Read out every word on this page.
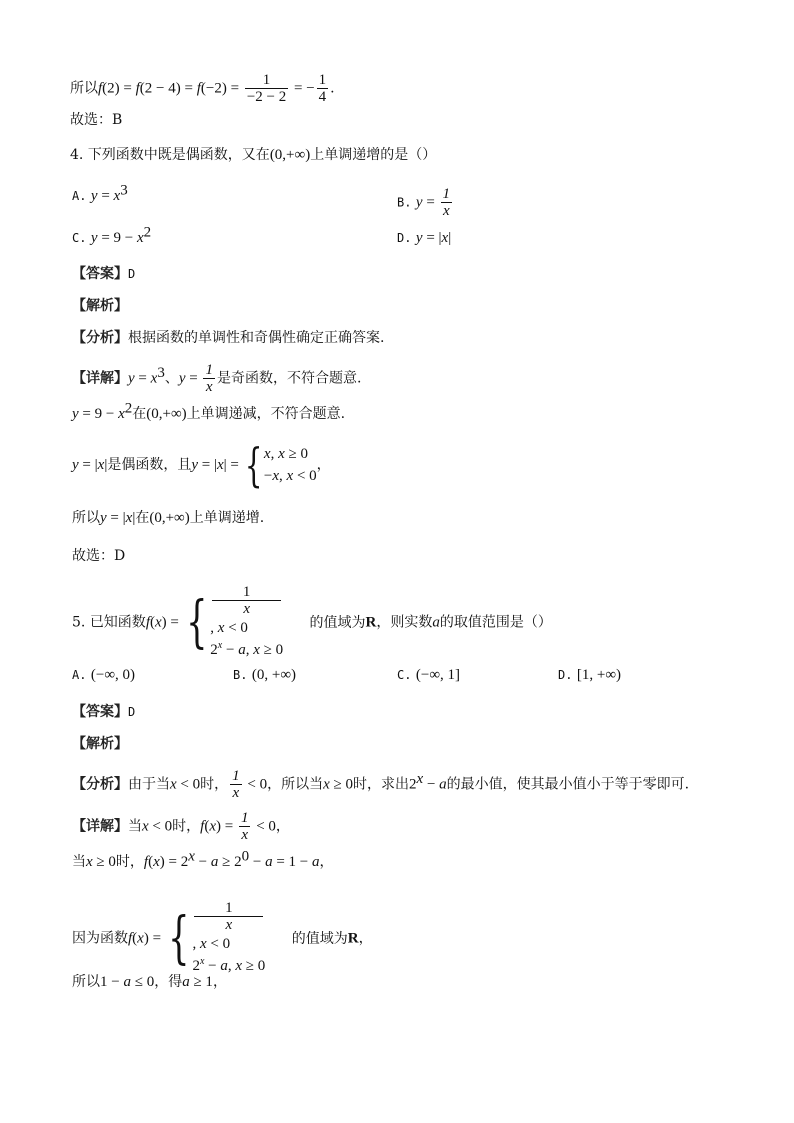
所以$f(2) = f(2 - 4) = f(-2) = \frac{1}{-2 - 2}$ = − $\frac{1}{4}$ .
故选：B
4. 下列函数中既是偶函数，又在(0,+∞)上单调递增的是（）
A. $y = x^3$
B. $y = \frac{1}{x}$
C. $y = 9 - x^2$	D. y = |x|
【答案】D
【解析】
【分析】根据函数的单调性和奇偶性确定正确答案.
【详解】$y = x^3$、$y = \frac{1}{x}$ 是奇函数，不符合题意.
$y = 9 - x^2$在(0,+∞)上单调递减，不符合题意.
y = |x|是偶函数，且y = |x| = { x, x ≥ 0
−x, x < 0
，
所以y = |x|在(0,+∞)上单调递增.
故选：D
5. 已知函数f(x) = {	1
x
, x < 0
$2^x - a$, x ≥ 0
的值域为R，则实数a的取值范围是（）
A. (−∞, 0)	B. (0, +∞)	C. (−∞, 1]	D. [1, +∞)
【答案】D
【解析】
【分析】由于当x < 0时， $\frac{1}{x} < 0$，所以当x ≥ 0时，求出$2^x - a$的最小值，使其最小值小于等于零即可.
【详解】当x < 0时，$f(x) = \frac{1}{x} < 0$，
当x ≥ 0时，$f(x) = 2^x - a \ge 2^0 - a = 1 - a$，
因为函数f(x) = {	1
x
, x < 0
$2^x - a$, x ≥ 0
的值域为R，
所以1 − a ≤ 0，得a ≥ 1，
